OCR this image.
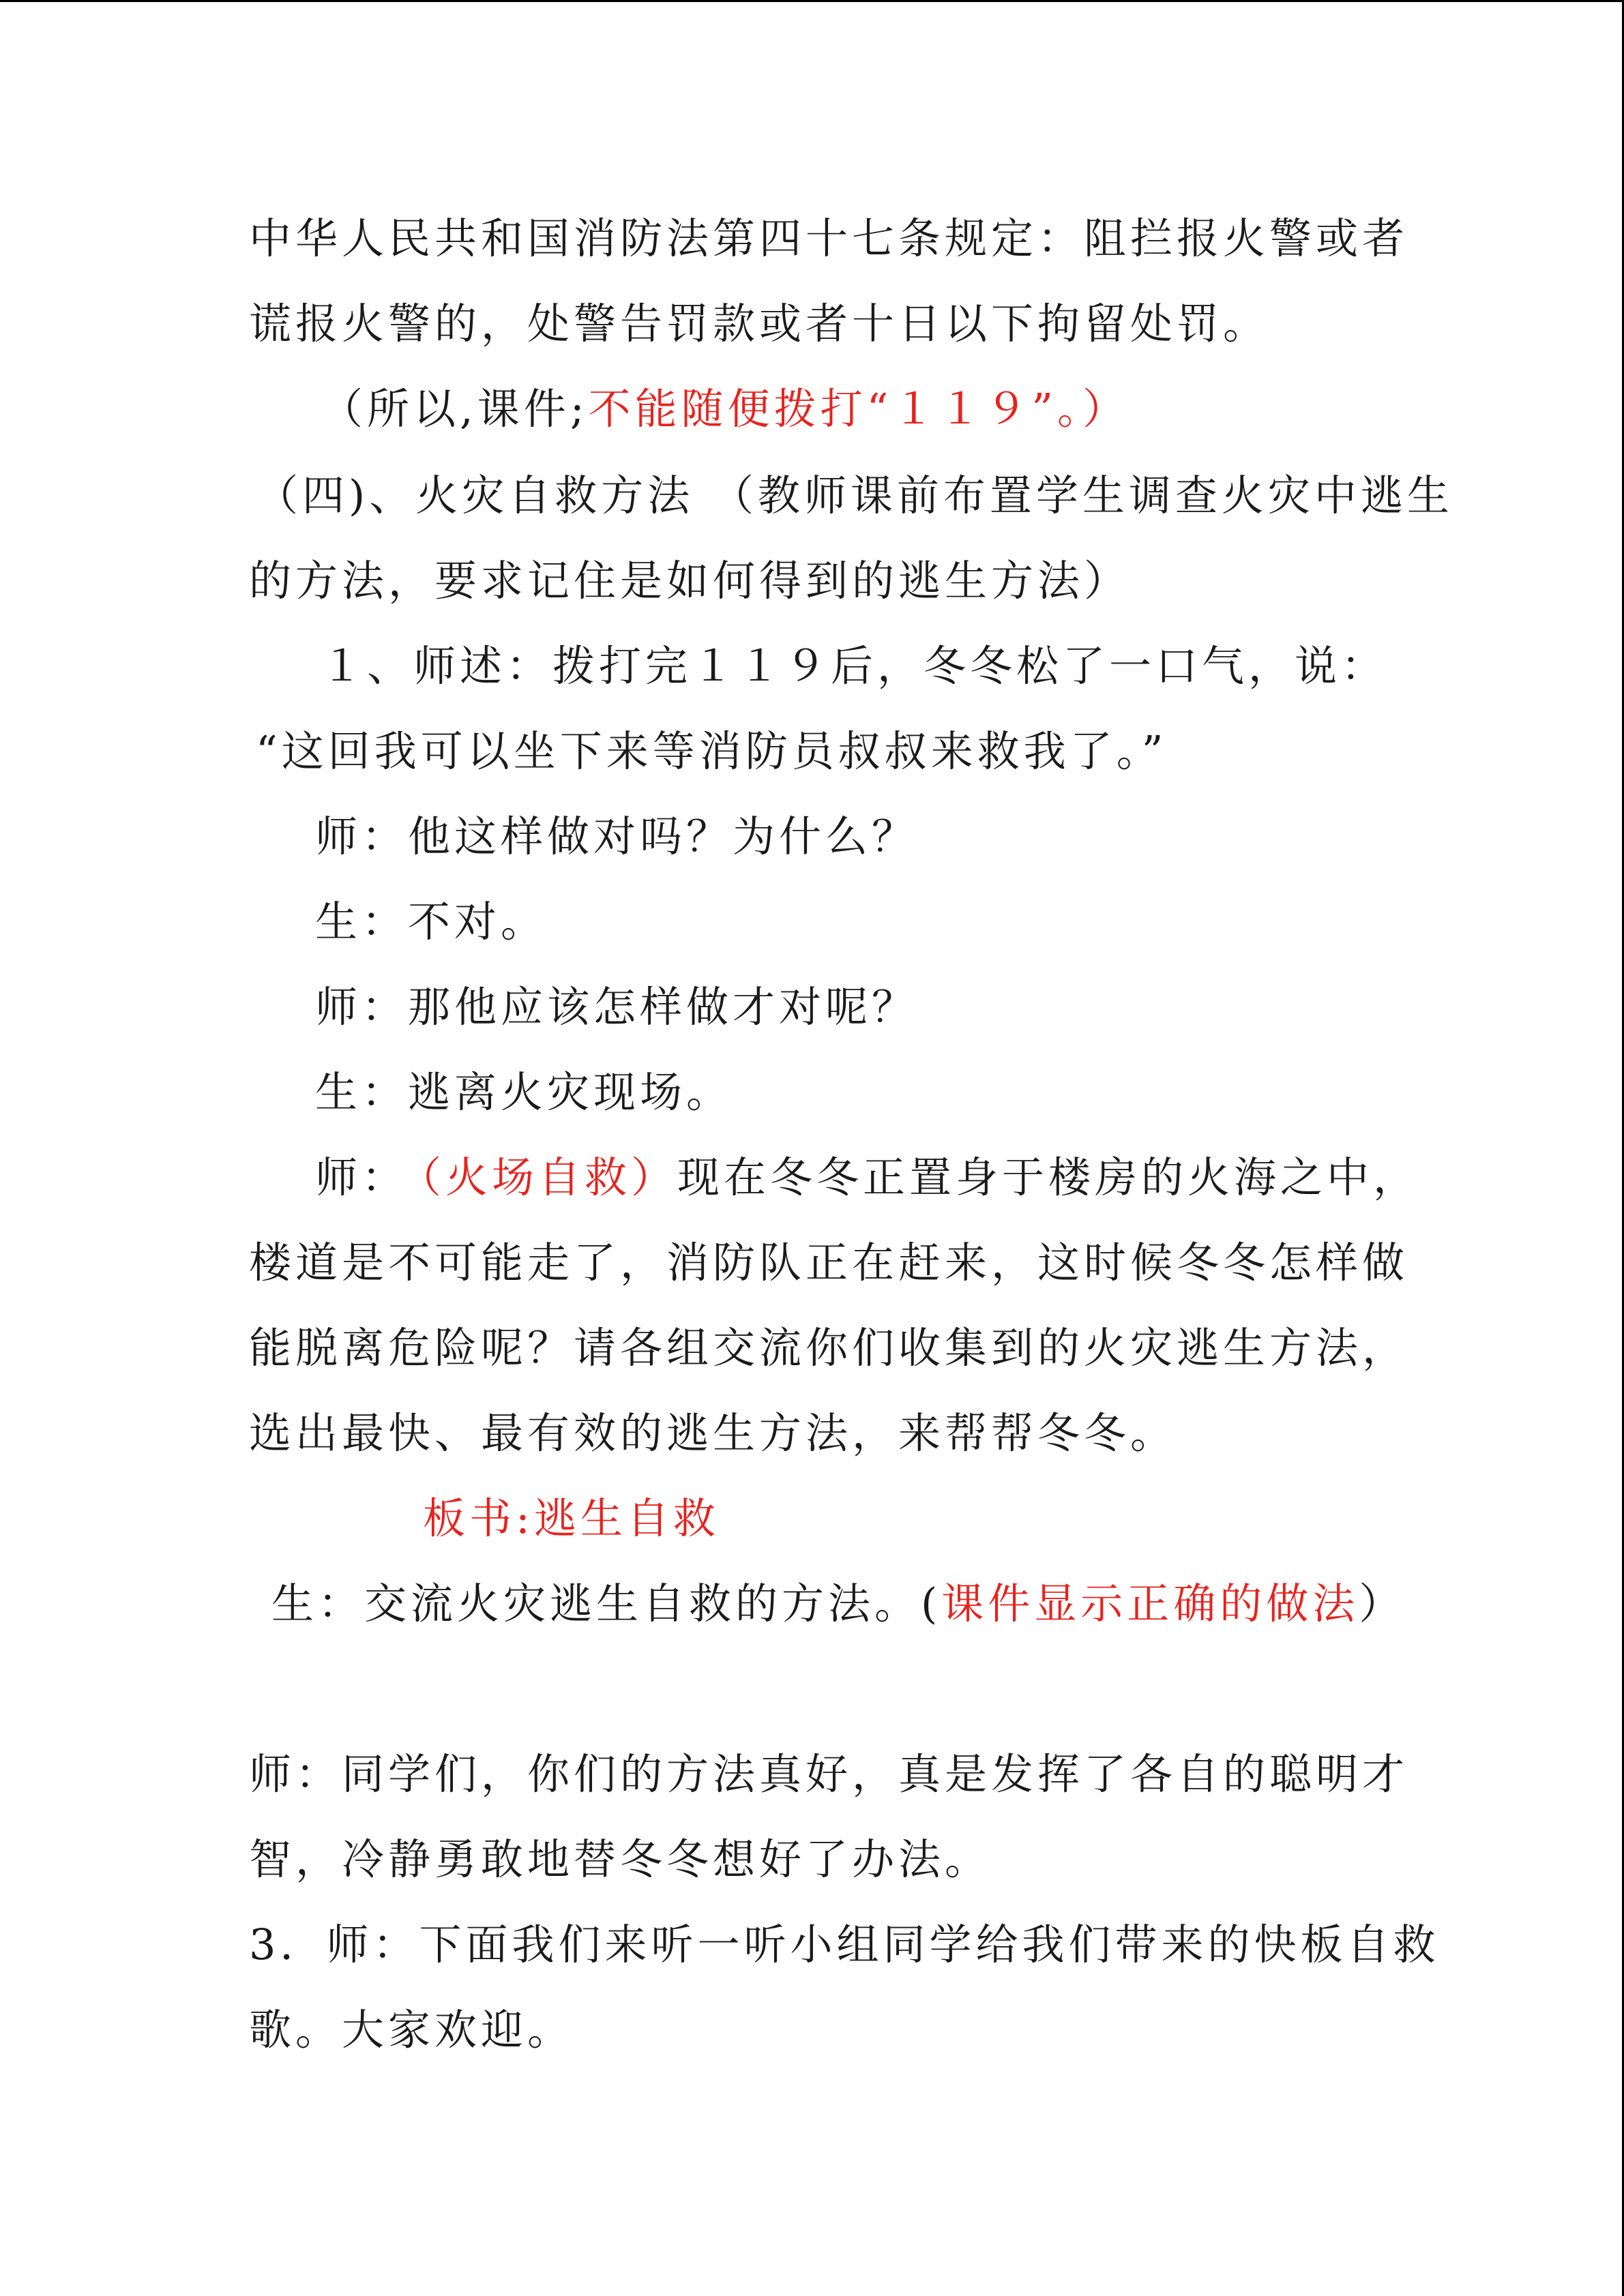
中华人民共和国消防法第四十七条规定：阻拦报火警或者
谎报火警的，处警告罚款或者十日以下拘留处罚。
（所以,课件;不能随便拨打“１１９”。）
（四)、火灾自救方法 （教师课前布置学生调查火灾中逃生
的方法，要求记住是如何得到的逃生方法）
１、师述：拨打完１１９后，冬冬松了一口气，说：
“这回我可以坐下来等消防员叔叔来救我了。”
师：他这样做对吗？为什么？
生：不对。
师：那他应该怎样做才对呢？
生：逃离火灾现场。
师： （火场自救）现在冬冬正置身于楼房的火海之中，
楼道是不可能走了，消防队正在赶来，这时候冬冬怎样做
能脱离危险呢？请各组交流你们收集到的火灾逃生方法，
选出最快、最有效的逃生方法，来帮帮冬冬。
板书:逃生自救
生：交流火灾逃生自救的方法。(课件显示正确的做法）
师：同学们，你们的方法真好，真是发挥了各自的聪明才
智，冷静勇敢地替冬冬想好了办法。
3．师：下面我们来听一听小组同学给我们带来的快板自救
歌。大家欢迎。
